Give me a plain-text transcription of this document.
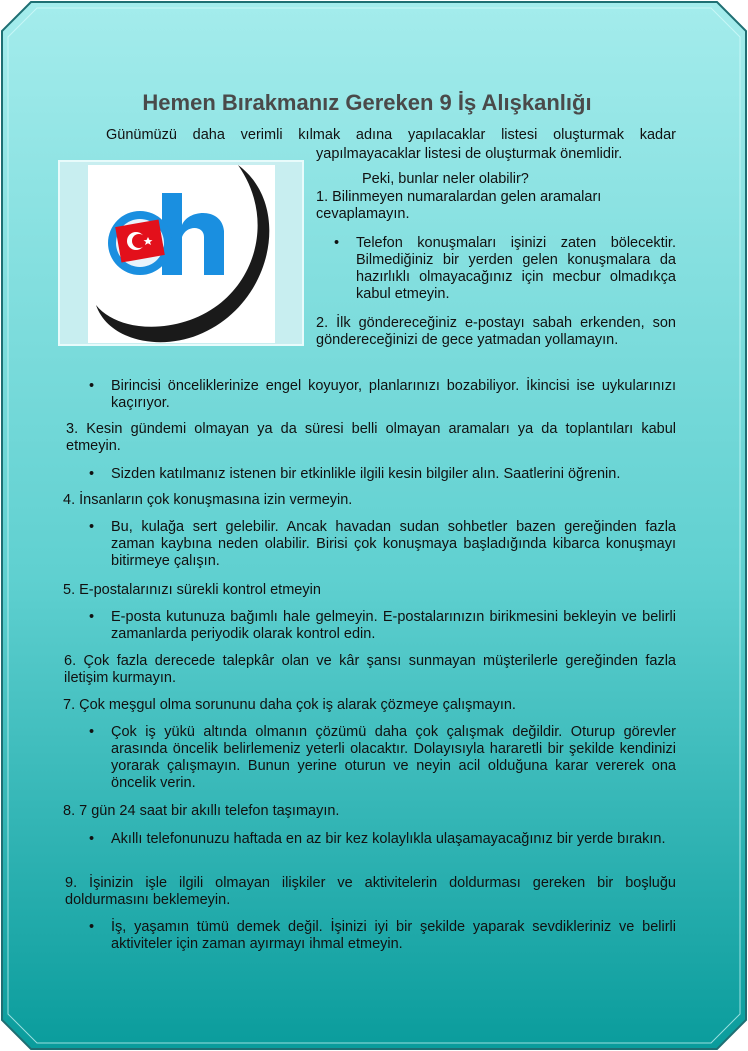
Hemen Bırakmanız Gereken 9 İş Alışkanlığı
Günümüzü daha verimli kılmak adına yapılacaklar listesi oluşturmak kadar
yapılmayacaklar listesi de oluşturmak önemlidir.
Peki, bunlar neler olabilir?
1. Bilinmeyen numaralardan gelen aramaları
cevaplamayın.
• Telefon konuşmaları işinizi zaten bölecektir. Bilmediğiniz bir yerden gelen konuşmalara da hazırlıklı olmayacağınız için mecbur olmadıkça kabul etmeyin.
2. İlk göndereceğiniz e-postayı sabah erkenden, son göndereceğinizi de gece yatmadan yollamayın.
• Birincisi önceliklerinize engel koyuyor, planlarınızı bozabiliyor. İkincisi ise uykularınızı kaçırıyor.
3. Kesin gündemi olmayan ya da süresi belli olmayan aramaları ya da toplantıları kabul etmeyin.
• Sizden katılmanız istenen bir etkinlikle ilgili kesin bilgiler alın. Saatlerini öğrenin.
4. İnsanların çok konuşmasına izin vermeyin.
• Bu, kulağa sert gelebilir. Ancak havadan sudan sohbetler bazen gereğinden fazla zaman kaybına neden olabilir. Birisi çok konuşmaya başladığında kibarca konuşmayı bitirmeye çalışın.
5. E-postalarınızı sürekli kontrol etmeyin
• E-posta kutunuza bağımlı hale gelmeyin. E-postalarınızın birikmesini bekleyin ve belirli zamanlarda periyodik olarak kontrol edin.
6. Çok fazla derecede talepkâr olan ve kâr şansı sunmayan müşterilerle gereğinden fazla iletişim kurmayın.
7. Çok meşgul olma sorununu daha çok iş alarak çözmeye çalışmayın.
• Çok iş yükü altında olmanın çözümü daha çok çalışmak değildir. Oturup görevler arasında öncelik belirlemeniz yeterli olacaktır. Dolayısıyla hararetli bir şekilde kendinizi yorarak çalışmayın. Bunun yerine oturun ve neyin acil olduğuna karar vererek ona öncelik verin.
8. 7 gün 24 saat bir akıllı telefon taşımayın.
• Akıllı telefonunuzu haftada en az bir kez kolaylıkla ulaşamayacağınız bir yerde bırakın.
9. İşinizin işle ilgili olmayan ilişkiler ve aktivitelerin doldurması gereken bir boşluğu doldurmasını beklemeyin.
• İş, yaşamın tümü demek değil. İşinizi iyi bir şekilde yaparak sevdikleriniz ve belirli aktiviteler için zaman ayırmayı ihmal etmeyin.
